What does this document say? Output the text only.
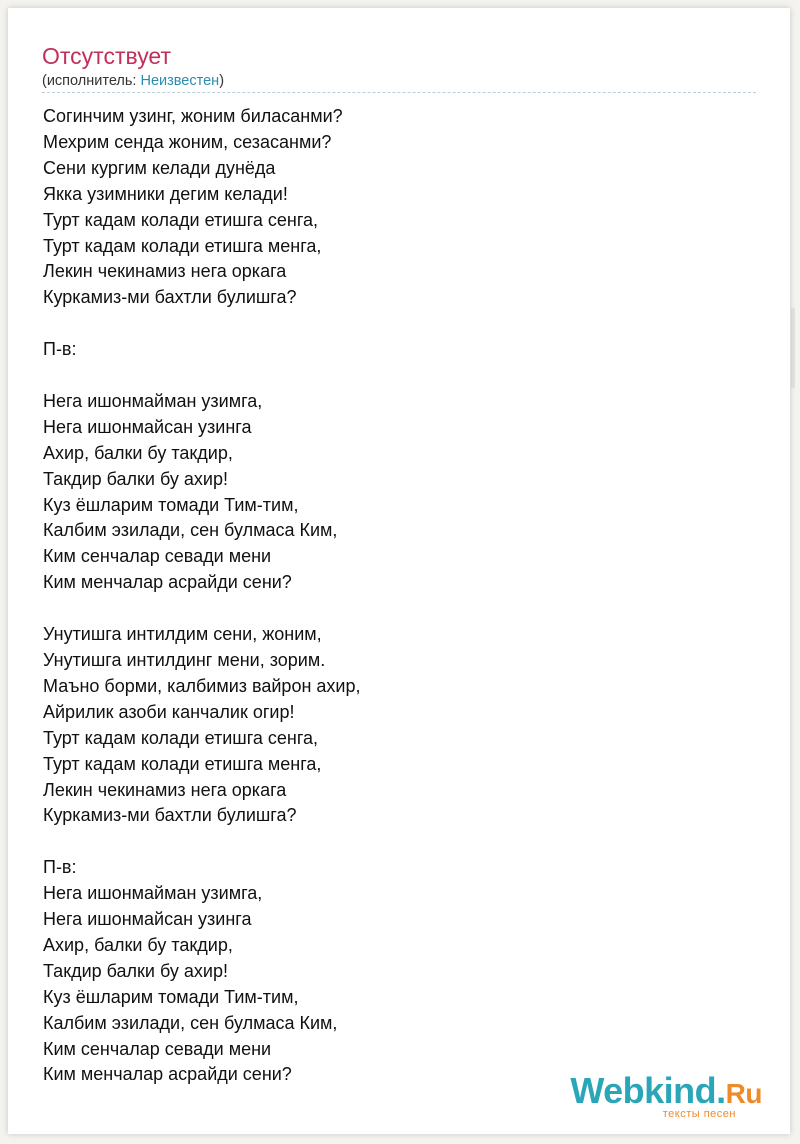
Отсутствует
(исполнитель: Неизвестен)
Согинчим узинг, жоним биласанми?
Мехрим сенда жоним, сезасанми?
Сени кургим келади дунёда
Якка узимники дегим келади!
Турт кадам колади етишга сенга,
Турт кадам колади етишга менга,
Лекин чекинамиз нега оркага
Куркамиз-ми бахтли булишга?
П-в:
Нега ишонмайман узимга,
Нега ишонмайсан узинга
Ахир, балки бу такдир,
Такдир балки бу ахир!
Куз ёшларим томади Тим-тим,
Калбим эзилади, сен булмаса Ким,
Ким сенчалар севади мени
Ким менчалар асрайди сени?
Унутишга интилдим сени, жоним,
Унутишга интилдинг мени, зорим.
Маъно борми, калбимиз вайрон ахир,
Айрилик азоби канчалик огир!
Турт кадам колади етишга сенга,
Турт кадам колади етишга менга,
Лекин чекинамиз нега оркага
Куркамиз-ми бахтли булишга?
П-в:
Нега ишонмайман узимга,
Нега ишонмайсан узинга
Ахир, балки бу такдир,
Такдир балки бу ахир!
Куз ёшларим томади Тим-тим,
Калбим эзилади, сен булмаса Ким,
Ким сенчалар севади мени
Ким менчалар асрайди сени?	Webkind.Ru
тексты песен
